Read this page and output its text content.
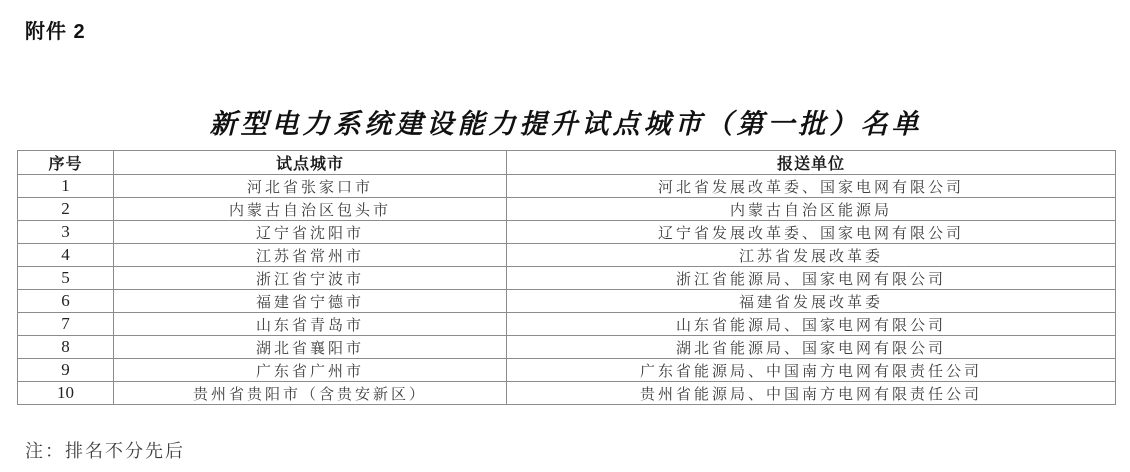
附件 2
新型电力系统建设能力提升试点城市（第一批）名单
序号	试点城市	报送单位
1	河北省张家口市	河北省发展改革委、国家电网有限公司
2	内蒙古自治区包头市	内蒙古自治区能源局
3	辽宁省沈阳市	辽宁省发展改革委、国家电网有限公司
4	江苏省常州市	江苏省发展改革委
5	浙江省宁波市	浙江省能源局、国家电网有限公司
6	福建省宁德市	福建省发展改革委
7	山东省青岛市	山东省能源局、国家电网有限公司
8	湖北省襄阳市	湖北省能源局、国家电网有限公司
9	广东省广州市	广东省能源局、中国南方电网有限责任公司
10	贵州省贵阳市（含贵安新区）	贵州省能源局、中国南方电网有限责任公司
注：排名不分先后
